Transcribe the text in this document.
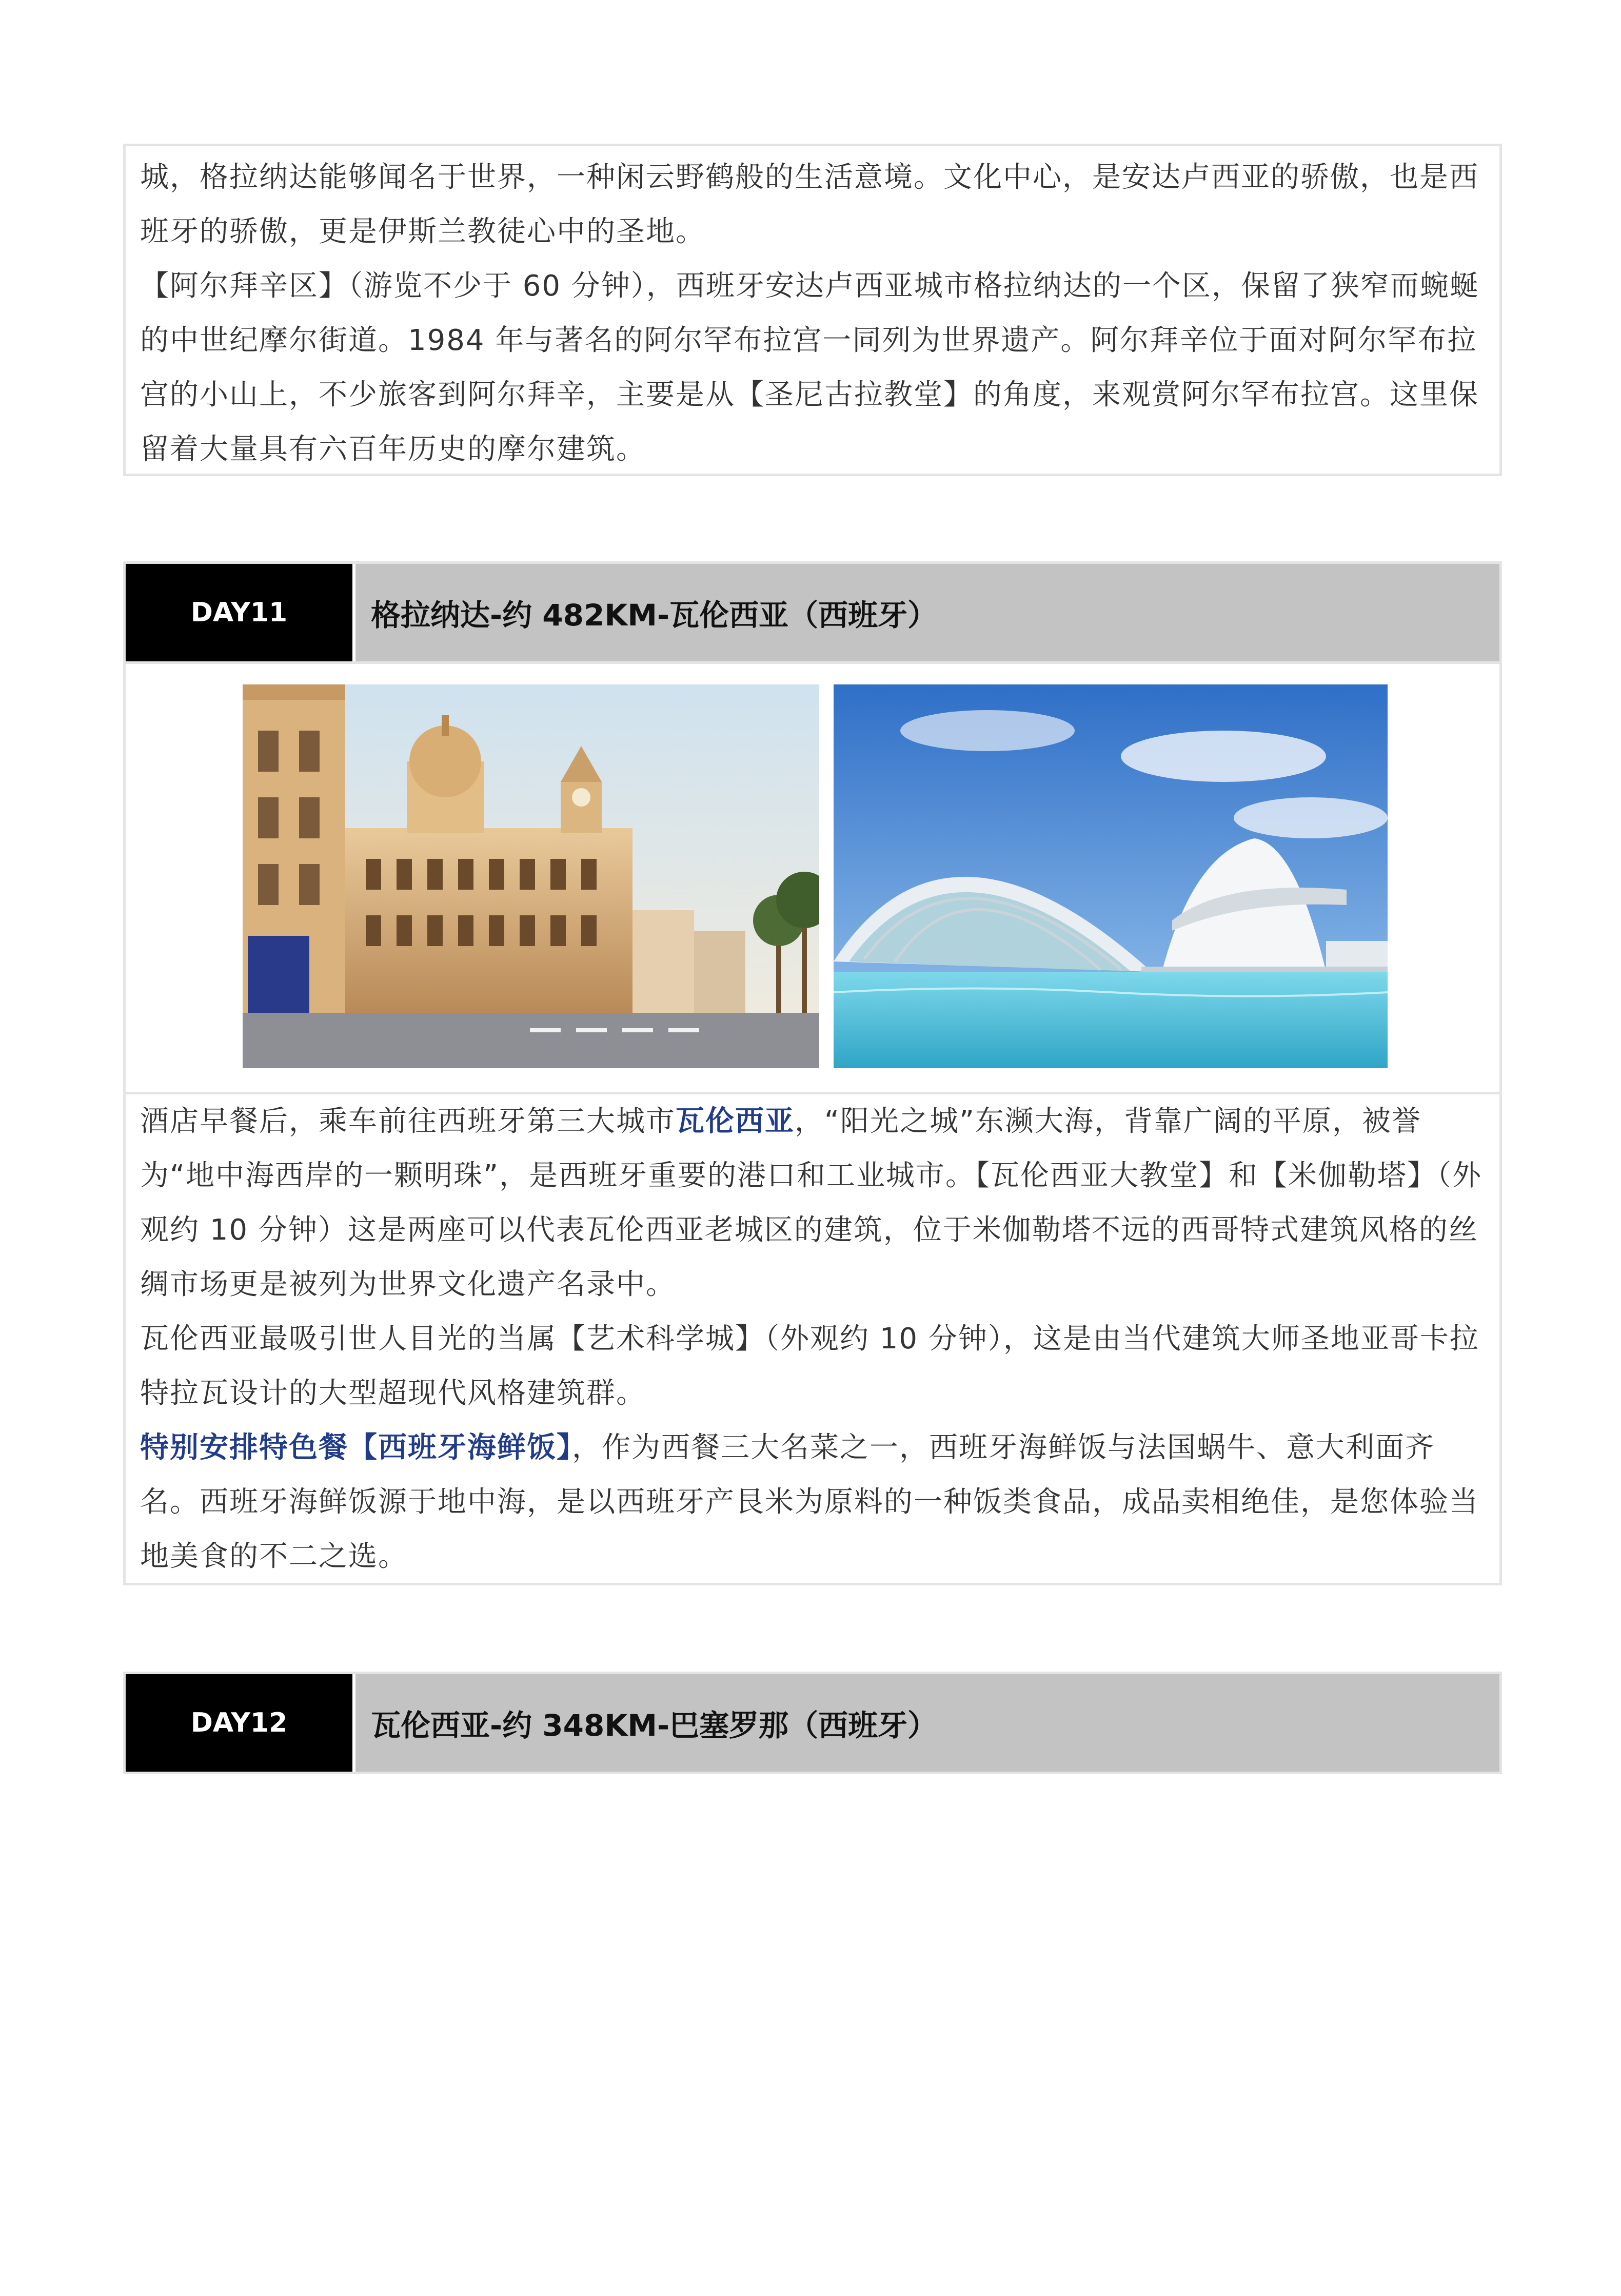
城，格拉纳达能够闻名于世界，一种闲云野鹤般的生活意境。文化中心，是安达卢西亚的骄傲，也是西班牙的骄傲，更是伊斯兰教徒心中的圣地。

【阿尔拜辛区】（游览不少于 60 分钟），西班牙安达卢西亚城市格拉纳达的一个区，保留了狭窄而蜿蜒的中世纪摩尔街道。1984 年与著名的阿尔罕布拉宫一同列为世界遗产。阿尔拜辛位于面对阿尔罕布拉宫的小山上，不少旅客到阿尔拜辛，主要是从【圣尼古拉教堂】的角度，来观赏阿尔罕布拉宫。这里保留着大量具有六百年历史的摩尔建筑。

DAY11	格拉纳达-约 482KM-瓦伦西亚（西班牙）

酒店早餐后，乘车前往西班牙第三大城市瓦伦西亚，“阳光之城”东濒大海，背靠广阔的平原，被誉为“地中海西岸的一颗明珠”，是西班牙重要的港口和工业城市。【瓦伦西亚大教堂】和【米伽勒塔】（外观约 10 分钟）这是两座可以代表瓦伦西亚老城区的建筑，位于米伽勒塔不远的西哥特式建筑风格的丝绸市场更是被列为世界文化遗产名录中。

瓦伦西亚最吸引世人目光的当属【艺术科学城】（外观约 10 分钟），这是由当代建筑大师圣地亚哥卡拉特拉瓦设计的大型超现代风格建筑群。

特别安排特色餐【西班牙海鲜饭】，作为西餐三大名菜之一，西班牙海鲜饭与法国蜗牛、意大利面齐名。西班牙海鲜饭源于地中海，是以西班牙产艮米为原料的一种饭类食品，成品卖相绝佳，是您体验当地美食的不二之选。

DAY12	瓦伦西亚-约 348KM-巴塞罗那（西班牙）
